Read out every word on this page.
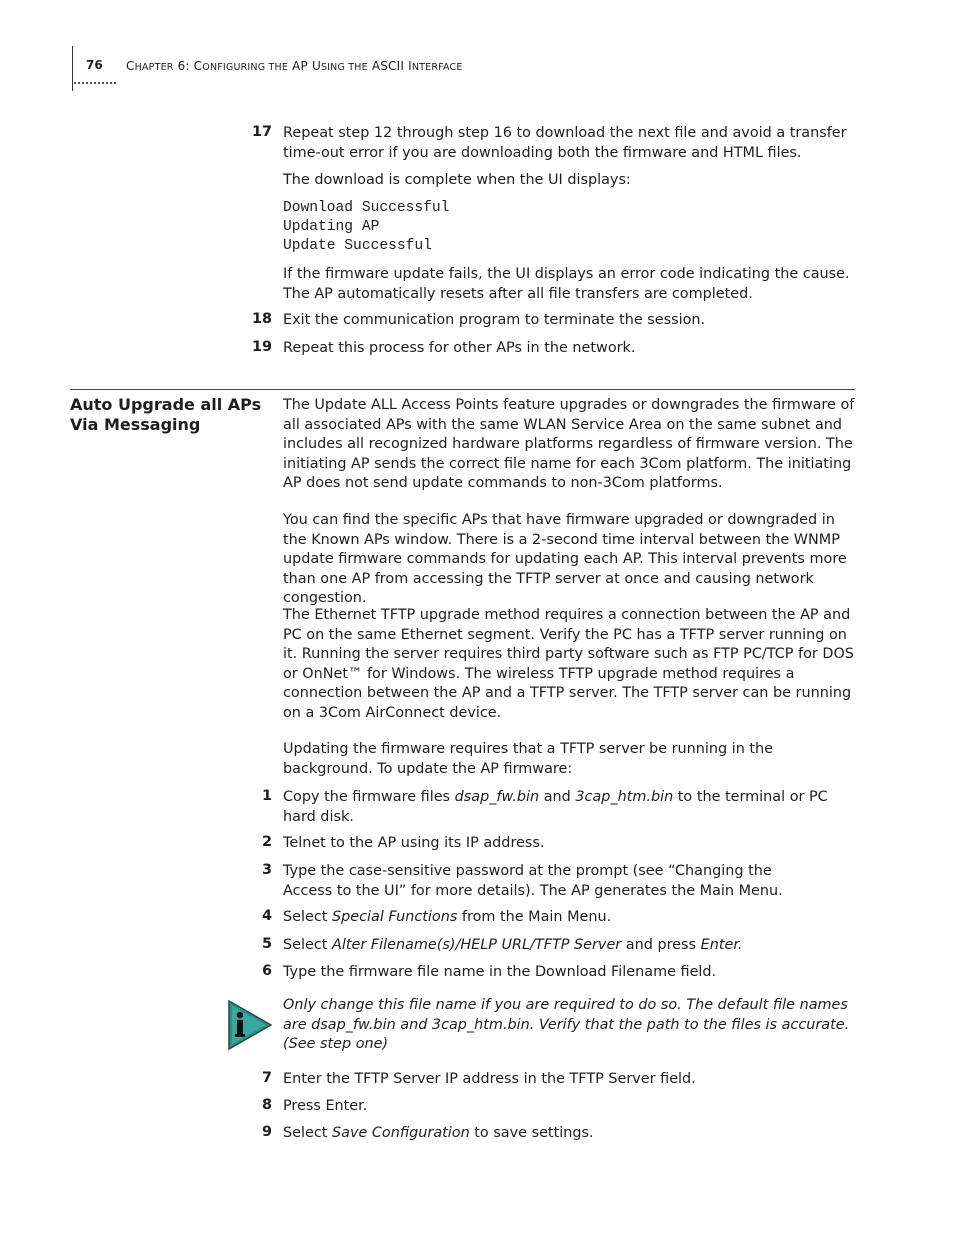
76 CHAPTER 6: CONFIGURING THE AP USING THE ASCII INTERFACE
17 Repeat step 12 through step 16 to download the next file and avoid a transfer time-out error if you are downloading both the firmware and HTML files.
The download is complete when the UI displays:
Download Successful
Updating AP
Update Successful
If the firmware update fails, the UI displays an error code indicating the cause. The AP automatically resets after all file transfers are completed.
18 Exit the communication program to terminate the session.
19 Repeat this process for other APs in the network.
Auto Upgrade all APs Via Messaging
The Update ALL Access Points feature upgrades or downgrades the firmware of all associated APs with the same WLAN Service Area on the same subnet and includes all recognized hardware platforms regardless of firmware version. The initiating AP sends the correct file name for each 3Com platform. The initiating AP does not send update commands to non-3Com platforms.
You can find the specific APs that have firmware upgraded or downgraded in the Known APs window. There is a 2-second time interval between the WNMP update firmware commands for updating each AP. This interval prevents more than one AP from accessing the TFTP server at once and causing network congestion.
The Ethernet TFTP upgrade method requires a connection between the AP and PC on the same Ethernet segment. Verify the PC has a TFTP server running on it. Running the server requires third party software such as FTP PC/TCP for DOS or OnNet™ for Windows. The wireless TFTP upgrade method requires a connection between the AP and a TFTP server. The TFTP server can be running on a 3Com AirConnect device.
Updating the firmware requires that a TFTP server be running in the background. To update the AP firmware:
1 Copy the firmware files dsap_fw.bin and 3cap_htm.bin to the terminal or PC hard disk.
2 Telnet to the AP using its IP address.
3 Type the case-sensitive password at the prompt (see “Changing the Access to the UI” for more details). The AP generates the Main Menu.
4 Select Special Functions from the Main Menu.
5 Select Alter Filename(s)/HELP URL/TFTP Server and press Enter.
6 Type the firmware file name in the Download Filename field.
Only change this file name if you are required to do so. The default file names are dsap_fw.bin and 3cap_htm.bin. Verify that the path to the files is accurate. (See step one)
7 Enter the TFTP Server IP address in the TFTP Server field.
8 Press Enter.
9 Select Save Configuration to save settings.
